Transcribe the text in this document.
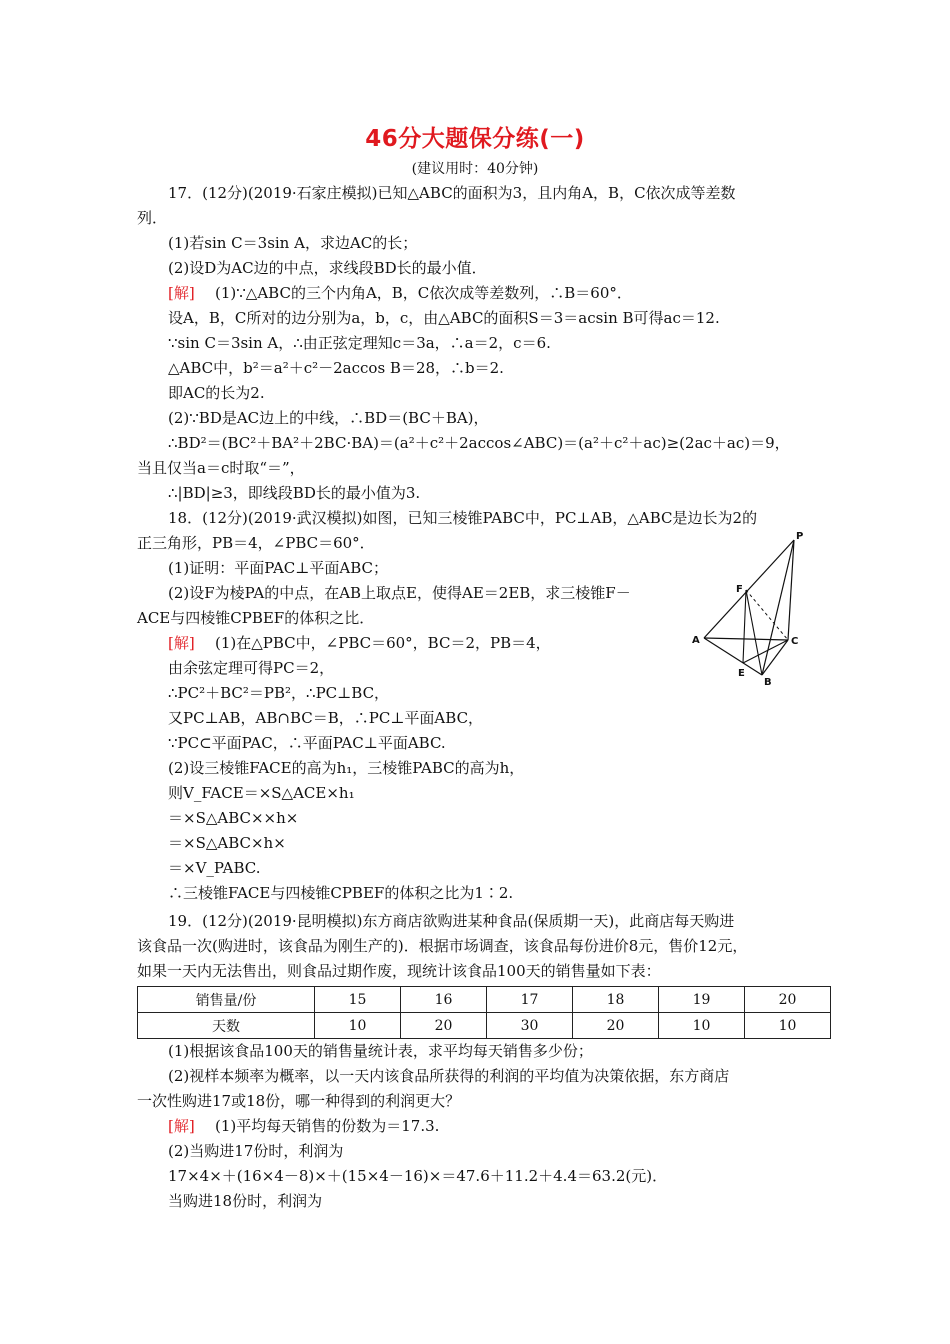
46分大题保分练(一)
(建议用时：40分钟)
17．(12分)(2019·石家庄模拟)已知△ABC的面积为3，且内角A，B，C依次成等差数
列．
(1)若sin C＝3sin A，求边AC的长；
(2)设D为AC边的中点，求线段BD长的最小值．
[解] (1)∵△ABC的三个内角A，B，C依次成等差数列，∴B＝60°．
设A，B，C所对的边分别为a，b，c，由△ABC的面积S＝3＝acsin B可得ac＝12.
∵sin C＝3sin A，∴由正弦定理知c＝3a，∴a＝2，c＝6.
△ABC中，b²＝a²＋c²－2accos B＝28，∴b＝2.
即AC的长为2.
(2)∵BD是AC边上的中线，∴BD＝(BC＋BA)，
∴BD²＝(BC²＋BA²＋2BC·BA)＝(a²＋c²＋2accos∠ABC)＝(a²＋c²＋ac)≥(2ac＋ac)＝9，
当且仅当a＝c时取“＝”，
∴|BD|≥3，即线段BD长的最小值为3.
18．(12分)(2019·武汉模拟)如图，已知三棱锥PABC中，PC⊥AB，△ABC是边长为2的
正三角形，PB＝4，∠PBC＝60°．
(1)证明：平面PAC⊥平面ABC；
(2)设F为棱PA的中点，在AB上取点E，使得AE＝2EB，求三棱锥F－
ACE与四棱锥CPBEF的体积之比．
[解] (1)在△PBC中，∠PBC＝60°，BC＝2，PB＝4，
由余弦定理可得PC＝2，
∴PC²＋BC²＝PB²，∴PC⊥BC，
又PC⊥AB，AB∩BC＝B，∴PC⊥平面ABC，
∵PC⊂平面PAC，∴平面PAC⊥平面ABC.
(2)设三棱锥FACE的高为h₁，三棱锥PABC的高为h，
则V_FACE＝×S△ACE×h₁
＝×S△ABC××h×
＝×S△ABC×h×
＝×V_PABC.
∴三棱锥FACE与四棱锥CPBEF的体积之比为1∶2.
P
F
A	C
E
B
19．(12分)(2019·昆明模拟)东方商店欲购进某种食品(保质期一天)，此商店每天购进
该食品一次(购进时，该食品为刚生产的)．根据市场调查，该食品每份进价8元，售价12元，
如果一天内无法售出，则食品过期作废，现统计该食品100天的销售量如下表：
销售量/份	15	16	17	18	19	20
天数	10	20	30	20	10	10
(1)根据该食品100天的销售量统计表，求平均每天销售多少份；
(2)视样本频率为概率，以一天内该食品所获得的利润的平均值为决策依据，东方商店
一次性购进17或18份，哪一种得到的利润更大？
[解] (1)平均每天销售的份数为＝17.3.
(2)当购进17份时，利润为
17×4×＋(16×4－8)×＋(15×4－16)×＝47.6＋11.2＋4.4＝63.2(元)．
当购进18份时，利润为
